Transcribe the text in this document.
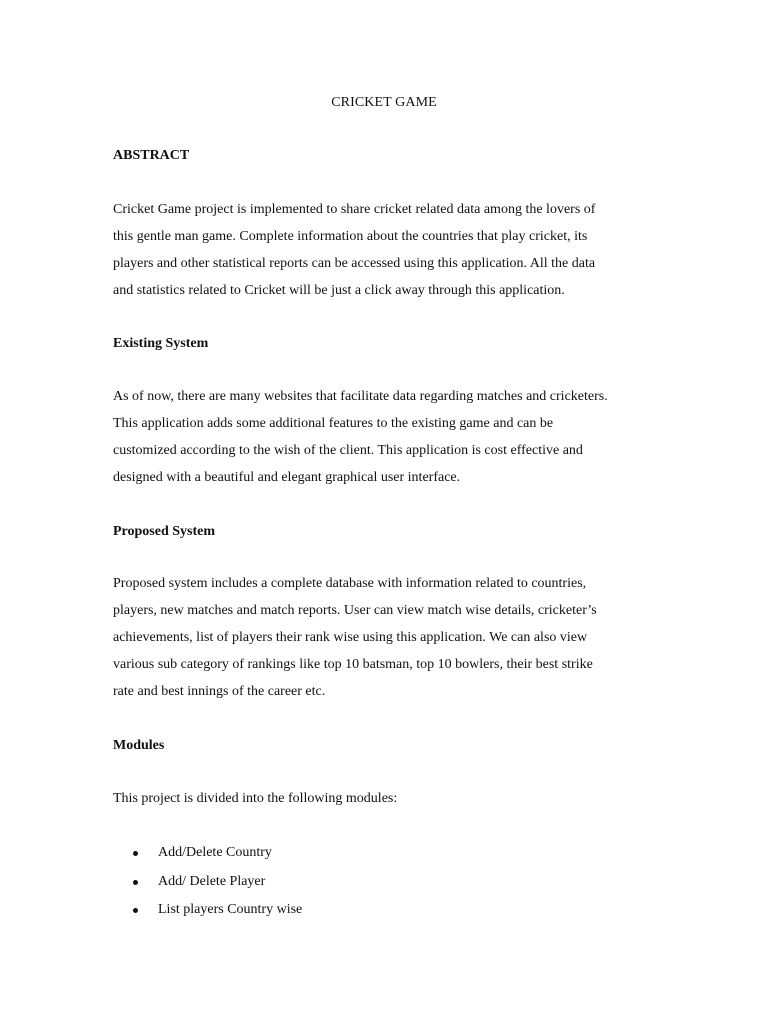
CRICKET GAME
ABSTRACT
Cricket Game project is implemented to share cricket related data among the lovers of
this gentle man game. Complete information about the countries that play cricket, its
players and other statistical reports can be accessed using this application. All the data
and statistics related to Cricket will be just a click away through this application.
Existing System
As of now, there are many websites that facilitate data regarding matches and cricketers.
This application adds some additional features to the existing game and can be
customized according to the wish of the client. This application is cost effective and
designed with a beautiful and elegant graphical user interface.
Proposed System
Proposed system includes a complete database with information related to countries,
players, new matches and match reports. User can view match wise details, cricketer’s
achievements, list of players their rank wise using this application. We can also view
various sub category of rankings like top 10 batsman, top 10 bowlers, their best strike
rate and best innings of the career etc.
Modules
This project is divided into the following modules:
Add/Delete Country
Add/ Delete Player
List players Country wise
